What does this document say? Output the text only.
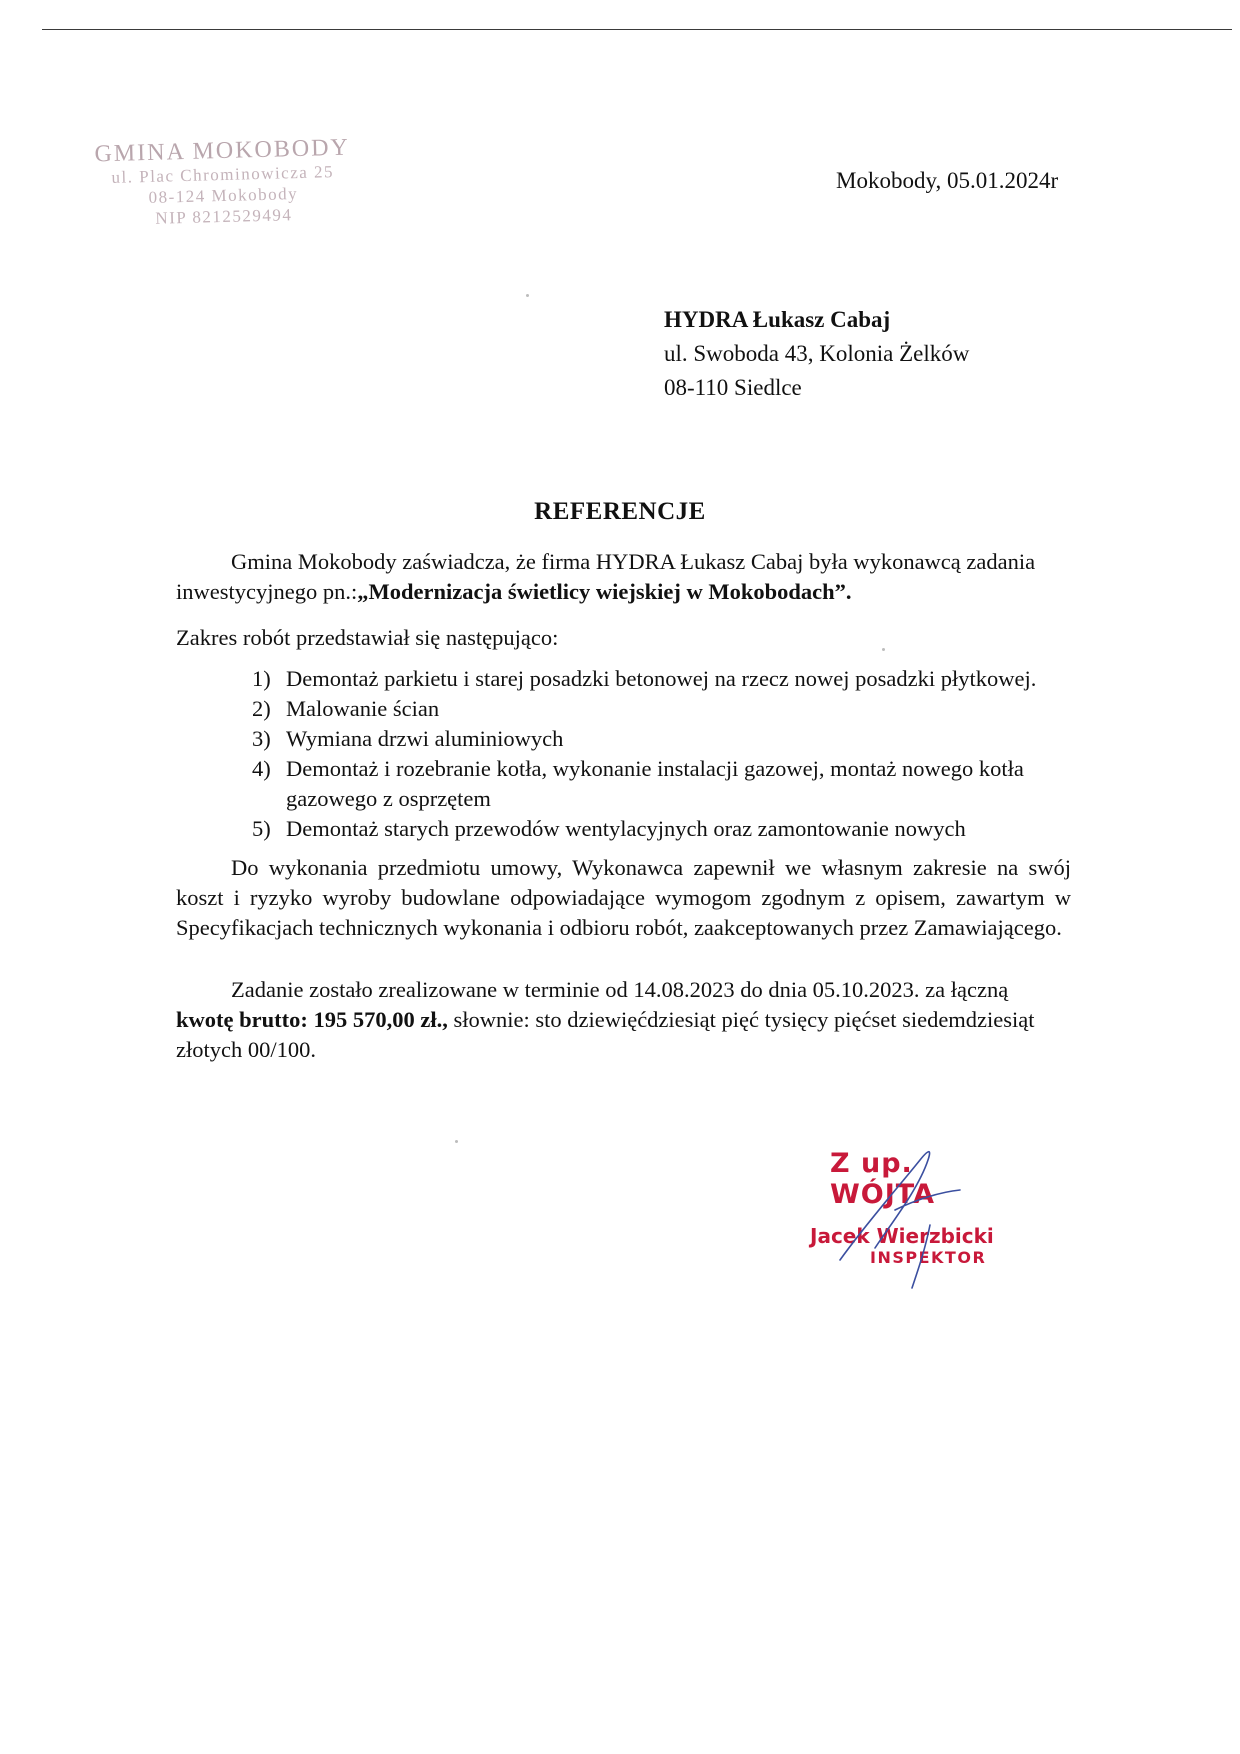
GMINA MOKOBODY
ul. Plac Chrominowicza 25
08-124 Mokobody
NIP 8212529494
Mokobody, 05.01.2024r
HYDRA Łukasz Cabaj
ul. Swoboda 43, Kolonia Żelków
08-110 Siedlce
REFERENCJE
Gmina Mokobody zaświadcza, że firma HYDRA Łukasz Cabaj była wykonawcą zadania inwestycyjnego pn.:„Modernizacja świetlicy wiejskiej w Mokobodach”.
Zakres robót przedstawiał się następująco:
1) Demontaż parkietu i starej posadzki betonowej na rzecz nowej posadzki płytkowej.
2) Malowanie ścian
3) Wymiana drzwi aluminiowych
4) Demontaż i rozebranie kotła, wykonanie instalacji gazowej, montaż nowego kotła gazowego z osprzętem
5) Demontaż starych przewodów wentylacyjnych oraz zamontowanie nowych
Do wykonania przedmiotu umowy, Wykonawca zapewnił we własnym zakresie na swój koszt i ryzyko wyroby budowlane odpowiadające wymogom zgodnym z opisem, zawartym w Specyfikacjach technicznych wykonania i odbioru robót, zaakceptowanych przez Zamawiającego.
Zadanie zostało zrealizowane w terminie od 14.08.2023 do dnia 05.10.2023. za łączną kwotę brutto: 195 570,00 zł., słownie: sto dziewięćdziesiąt pięć tysięcy pięćset siedemdziesiąt złotych 00/100.
Z up. WÓJTA
Jacek Wierzbicki
INSPEKTOR
